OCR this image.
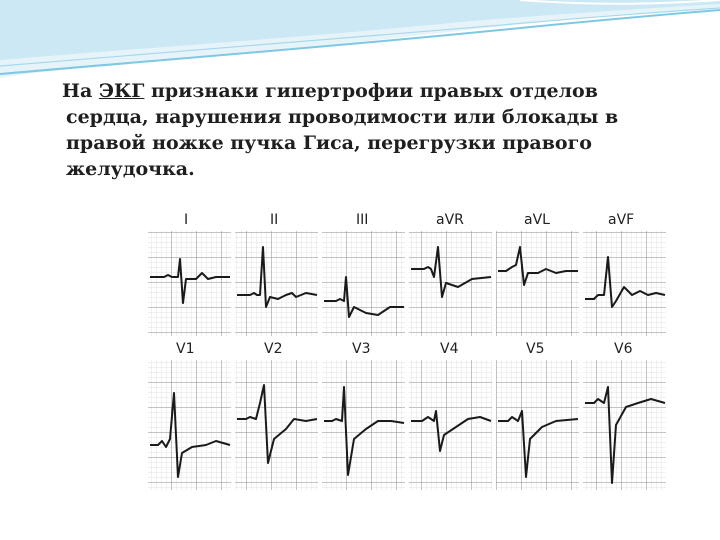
На ЭКГ признаки гипертрофии правых отделов
сердца, нарушения проводимости или блокады в
правой ножке пучка Гиса, перегрузки правого
желудочка.
I	II	III	aVR	aVL	aVF
V1	V2	V3	V4	V5	V6
